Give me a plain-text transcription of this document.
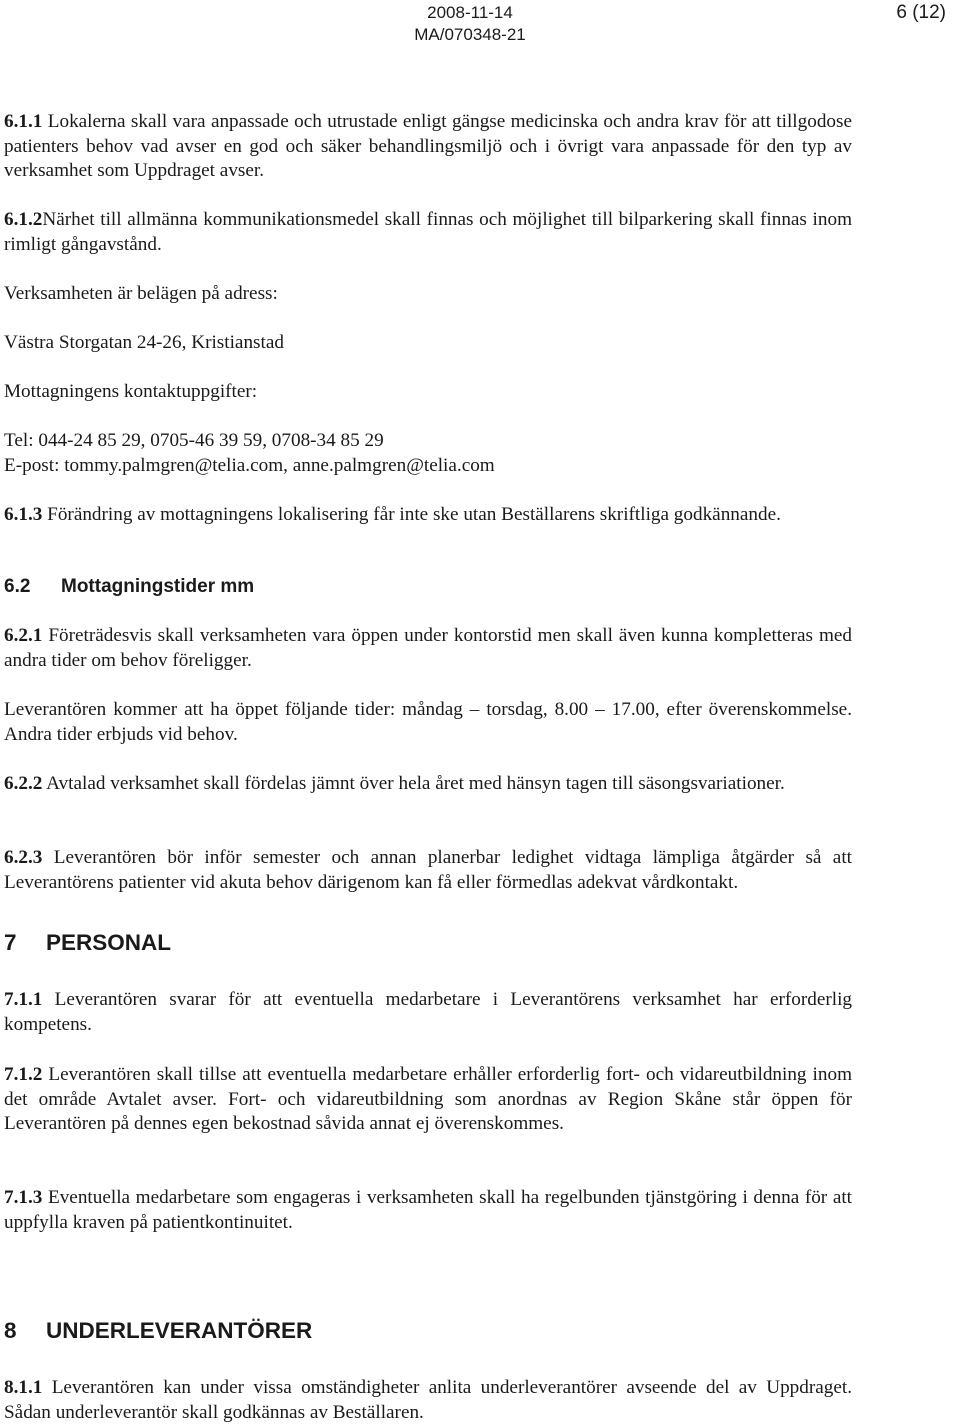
2008-11-14
MA/070348-21
6 (12)
6.1.1 Lokalerna skall vara anpassade och utrustade enligt gängse medicinska och andra krav för att tillgodose patienters behov vad avser en god och säker behandlingsmiljö och i övrigt vara anpassade för den typ av verksamhet som Uppdraget avser.
6.1.2Närhet till allmänna kommunikationsmedel skall finnas och möjlighet till bilparkering skall finnas inom rimligt gångavstånd.
Verksamheten är belägen på adress:
Västra Storgatan 24-26, Kristianstad
Mottagningens kontaktuppgifter:
Tel: 044-24 85 29, 0705-46 39 59, 0708-34 85 29
E-post: tommy.palmgren@telia.com, anne.palmgren@telia.com
6.1.3 Förändring av mottagningens lokalisering får inte ske utan Beställarens skriftliga godkännande.
6.2 Mottagningstider mm
6.2.1 Företrädesvis skall verksamheten vara öppen under kontorstid men skall även kunna kompletteras med andra tider om behov föreligger.
Leverantören kommer att ha öppet följande tider: måndag – torsdag, 8.00 – 17.00, efter överenskommelse. Andra tider erbjuds vid behov.
6.2.2 Avtalad verksamhet skall fördelas jämnt över hela året med hänsyn tagen till säsongsvariationer.
6.2.3 Leverantören bör inför semester och annan planerbar ledighet vidtaga lämpliga åtgärder så att Leverantörens patienter vid akuta behov därigenom kan få eller förmedlas adekvat vårdkontakt.
7 PERSONAL
7.1.1 Leverantören svarar för att eventuella medarbetare i Leverantörens verksamhet har erforderlig kompetens.
7.1.2 Leverantören skall tillse att eventuella medarbetare erhåller erforderlig fort- och vidareutbildning inom det område Avtalet avser. Fort- och vidareutbildning som anordnas av Region Skåne står öppen för Leverantören på dennes egen bekostnad såvida annat ej överenskommes.
7.1.3 Eventuella medarbetare som engageras i verksamheten skall ha regelbunden tjänstgöring i denna för att uppfylla kraven på patientkontinuitet.
8 UNDERLEVERANTÖRER
8.1.1 Leverantören kan under vissa omständigheter anlita underleverantörer avseende del av Uppdraget. Sådan underleverantör skall godkännas av Beställaren.
